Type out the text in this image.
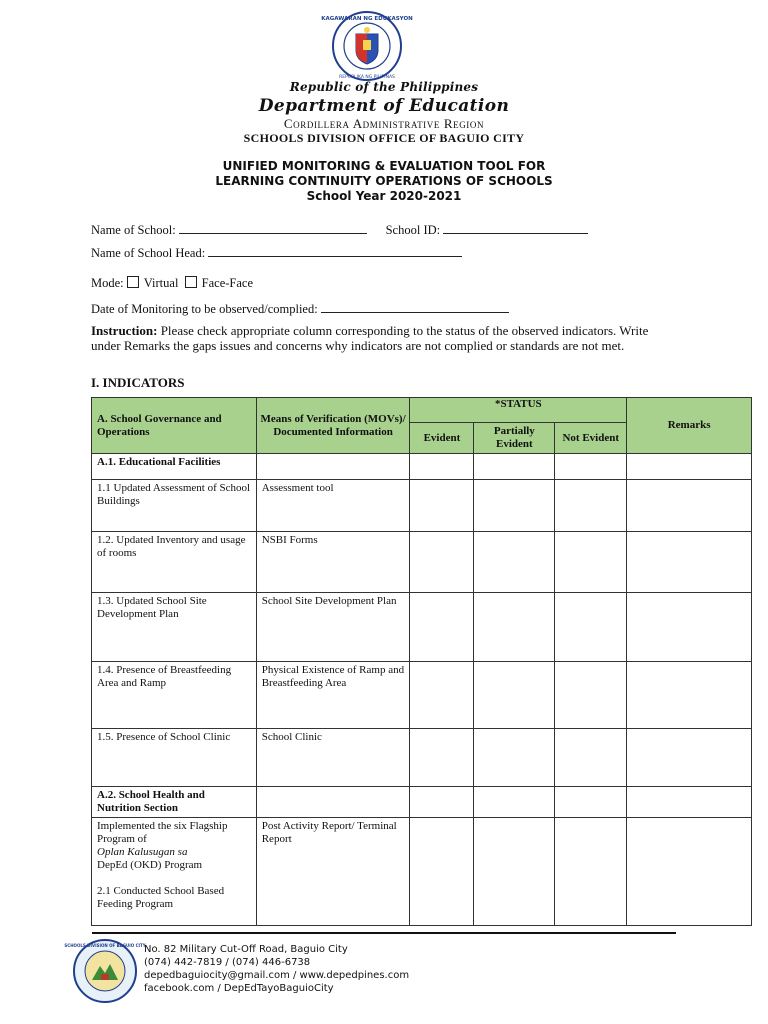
KAGAWARAN NG EDUKASYON
REPUBLIKA NG PILIPINAS
Republic of the Philippines
Department of Education
Cordillera Administrative Region
SCHOOLS DIVISION OFFICE OF BAGUIO CITY
UNIFIED MONITORING & EVALUATION TOOL FOR
LEARNING CONTINUITY OPERATIONS OF SCHOOLS
School Year 2020-2021
Name of School:	School ID:
Name of School Head:
Mode: Virtual Face-Face
Date of Monitoring to be observed/complied:
Instruction: Please check appropriate column corresponding to the status of the observed indicators. Write under Remarks the gaps issues and concerns why indicators are not complied or standards are not met.
I. INDICATORS
A. School Governance and Operations	Means of Verification (MOVs)/ Documented Information	*STATUS			Remarks
		Evident	Partially Evident	Not Evident	
A.1. Educational Facilities					
1.1 Updated Assessment of School Buildings	Assessment tool				
1.2. Updated Inventory and usage of rooms	NSBI Forms				
1.3. Updated School Site Development Plan	School Site Development Plan				
1.4. Presence of Breastfeeding Area and Ramp	Physical Existence of Ramp and Breastfeeding Area				
1.5. Presence of School Clinic	School Clinic				
A.2. School Health and Nutrition Section					
Implemented the six Flagship Program of
Oplan Kalusugan sa
DepEd (OKD) Program

2.1 Conducted School Based Feeding Program	Post Activity Report/ Terminal Report				
SCHOOLS DIVISION OF BAGUIO CITY
No. 82 Military Cut-Off Road, Baguio City
(074) 442-7819 / (074) 446-6738
depedbaguiocity@gmail.com / www.depedpines.com
facebook.com / DepEdTayoBaguioCity
